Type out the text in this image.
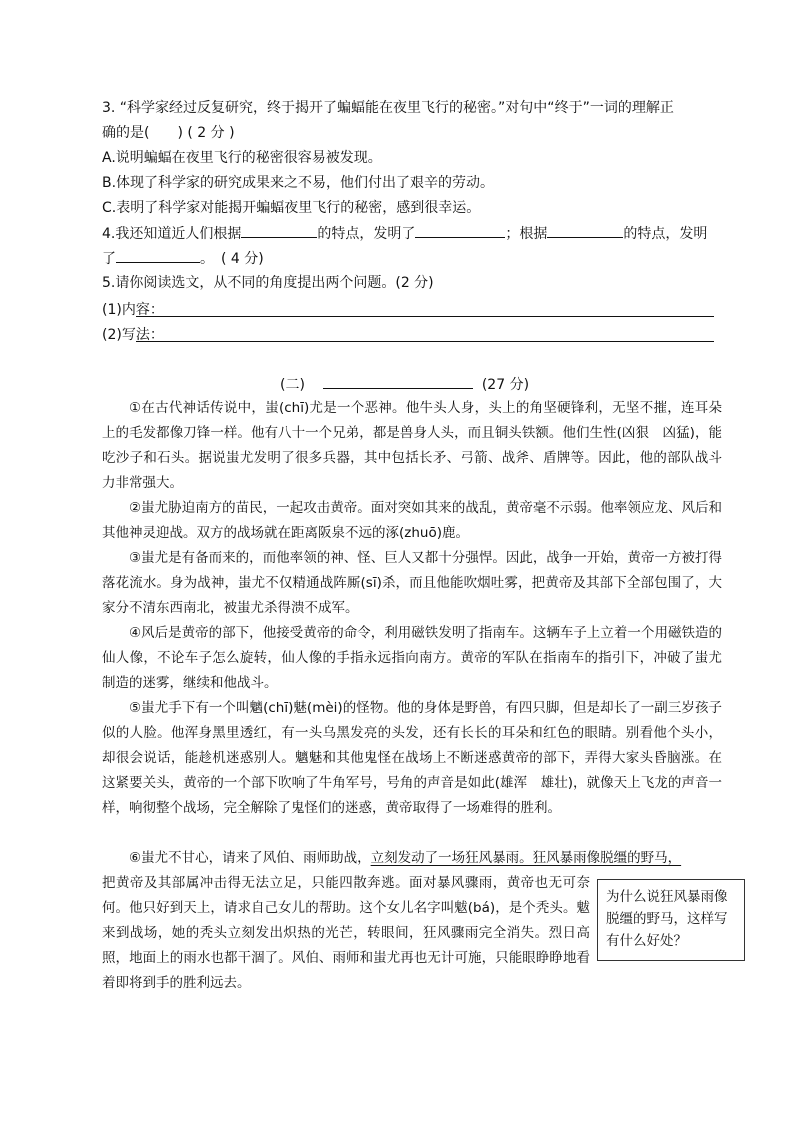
3. “科学家经过反复研究，终于揭开了蝙蝠能在夜里飞行的秘密。”对句中“终于”一词的理解正
确的是(　　) ( 2 分 )
A.说明蝙蝠在夜里飞行的秘密很容易被发现。
B.体现了科学家的研究成果来之不易，他们付出了艰辛的劳动。
C.表明了科学家对能揭开蝙蝠夜里飞行的秘密，感到很幸运。
4.我还知道近人们根据	的特点，发明了	；根据	的特点，发明
了	。　( 4 分)
5.请你阅读选文，从不同的角度提出两个问题。(2 分)
(1)内容：
(2)写法：
(二)	(27 分)

①在古代神话传说中，蚩(chī)尤是一个恶神。他牛头人身，头上的角坚硬锋利，无坚不摧，连耳朵上的毛发都像刀锋一样。他有八十一个兄弟，都是兽身人头，而且铜头铁额。他们生性(凶狠　凶猛)，能吃沙子和石头。据说蚩尤发明了很多兵器，其中包括长矛、弓箭、战斧、盾牌等。因此，他的部队战斗力非常强大。

②蚩尤胁迫南方的苗民，一起攻击黄帝。面对突如其来的战乱，黄帝毫不示弱。他率领应龙、风后和其他神灵迎战。双方的战场就在距离阪泉不远的涿(zhuō)鹿。

③蚩尤是有备而来的，而他率领的神、怪、巨人又都十分强悍。因此，战争一开始，黄帝一方被打得落花流水。身为战神，蚩尤不仅精通战阵厮(sī)杀，而且他能吹烟吐雾，把黄帝及其部下全部包围了，大家分不清东西南北，被蚩尤杀得溃不成军。

④风后是黄帝的部下，他接受黄帝的命令，利用磁铁发明了指南车。这辆车子上立着一个用磁铁造的仙人像，不论车子怎么旋转，仙人像的手指永远指向南方。黄帝的军队在指南车的指引下，冲破了蚩尤制造的迷雾，继续和他战斗。

⑤蚩尤手下有一个叫魑(chī)魅(mèi)的怪物。他的身体是野兽，有四只脚，但是却长了一副三岁孩子似的人脸。他浑身黑里透红，有一头乌黑发亮的头发，还有长长的耳朵和红色的眼睛。别看他个头小，却很会说话，能趁机迷惑别人。魑魅和其他鬼怪在战场上不断迷惑黄帝的部下，弄得大家头昏脑涨。在这紧要关头，黄帝的一个部下吹响了牛角军号，号角的声音是如此(雄浑　雄壮)，就像天上飞龙的声音一样，响彻整个战场，完全解除了鬼怪们的迷惑，黄帝取得了一场难得的胜利。

⑥蚩尤不甘心，请来了风伯、雨师助战，立刻发动了一场狂风暴雨。狂风暴雨像脱缰的野马，

把黄帝及其部属冲击得无法立足，只能四散奔逃。面对暴风骤雨，黄帝也无可奈何。他只好到天上，请求自己女儿的帮助。这个女儿名字叫魃(bá)，是个秃头。魃来到战场，她的秃头立刻发出炽热的光芒，转眼间，狂风骤雨完全消失。烈日高照，地面上的雨水也都干涸了。风伯、雨师和蚩尤再也无计可施，只能眼睁睁地看着即将到手的胜利远去。

为什么说狂风暴雨像脱缰的野马，这样写有什么好处？
